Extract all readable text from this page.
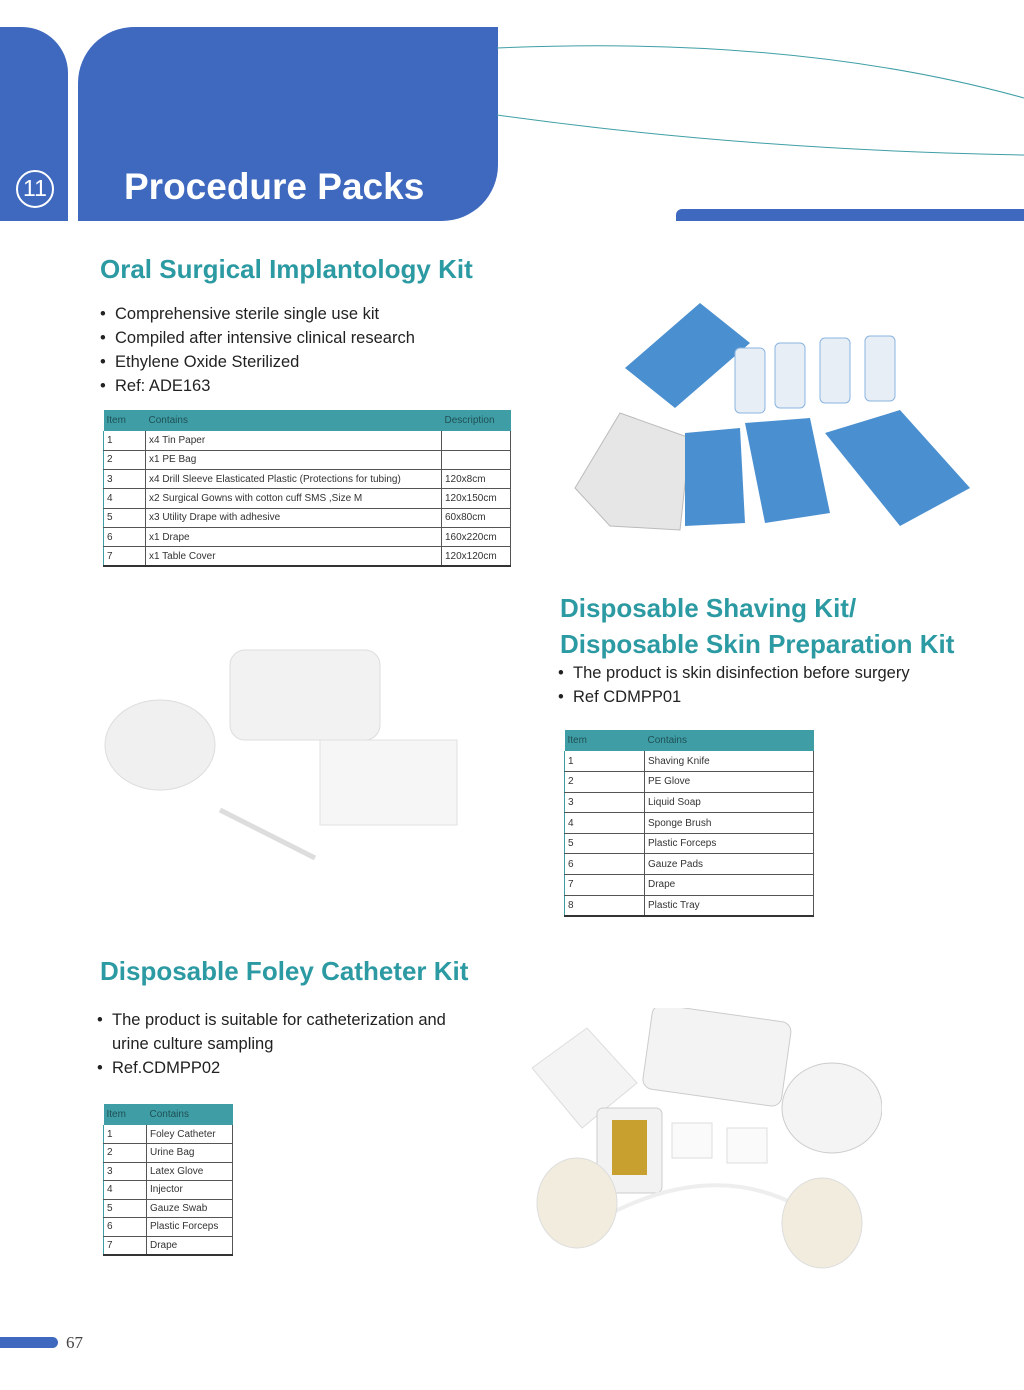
11 Procedure Packs
Oral Surgical Implantology Kit
• Comprehensive sterile single use kit
• Compiled after intensive clinical research
• Ethylene Oxide Sterilized
• Ref: ADE163
Item	Contains	Description
1	x4 Tin Paper	
2	x1 PE Bag	
3	x4 Drill Sleeve Elasticated Plastic (Protections for tubing)	120x8cm
4	x2 Surgical Gowns with cotton cuff SMS ,Size M	120x150cm
5	x3 Utility Drape with adhesive	60x80cm
6	x1 Drape	160x220cm
7	x1 Table Cover	120x120cm
Disposable Shaving Kit/
Disposable Skin Preparation Kit
• The product is skin disinfection before surgery
• Ref CDMPP01
Item	Contains
1	Shaving Knife
2	PE Glove
3	Liquid Soap
4	Sponge Brush
5	Plastic Forceps
6	Gauze Pads
7	Drape
8	Plastic Tray
Disposable Foley Catheter Kit
• The product is suitable for catheterization and urine culture sampling
• Ref.CDMPP02
Item	Contains
1	Foley Catheter
2	Urine Bag
3	Latex Glove
4	Injector
5	Gauze Swab
6	Plastic Forceps
7	Drape
67
